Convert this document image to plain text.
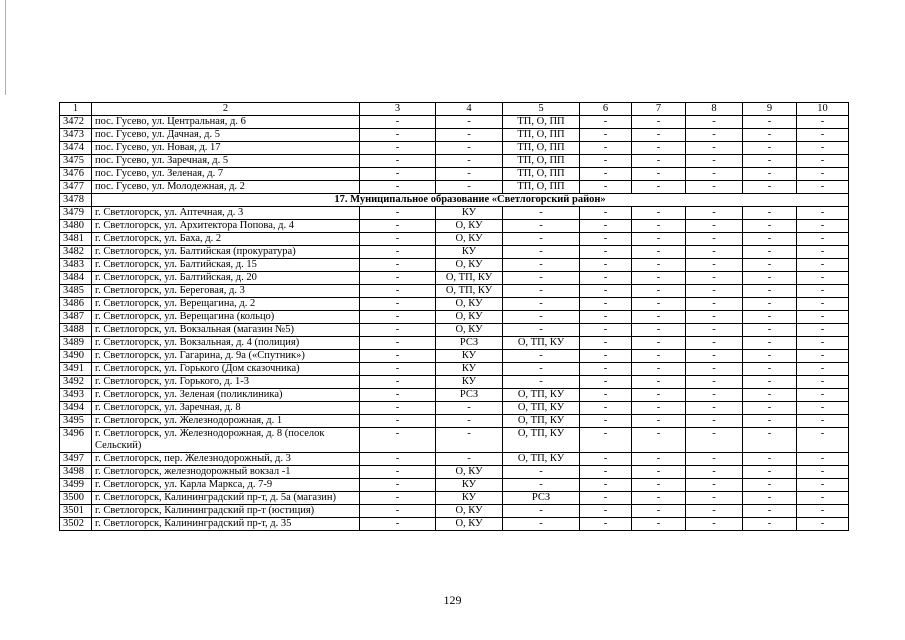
1	2	3	4	5	6	7	8	9	10
3472	пос. Гусево, ул. Центральная, д. 6	-	-	ТП, О, ПП	-	-	-	-	-
3473	пос. Гусево, ул. Дачная, д. 5	-	-	ТП, О, ПП	-	-	-	-	-
3474	пос. Гусево, ул. Новая, д. 17	-	-	ТП, О, ПП	-	-	-	-	-
3475	пос. Гусево, ул. Заречная, д. 5	-	-	ТП, О, ПП	-	-	-	-	-
3476	пос. Гусево, ул. Зеленая, д. 7	-	-	ТП, О, ПП	-	-	-	-	-
3477	пос. Гусево, ул. Молодежная, д. 2	-	-	ТП, О, ПП	-	-	-	-	-
3478	17. Муниципальное образование «Светлогорский район»								
3479	г. Светлогорск, ул. Аптечная, д. 3	-	КУ	-	-	-	-	-	-
3480	г. Светлогорск, ул. Архитектора Попова, д. 4	-	О, КУ	-	-	-	-	-	-
3481	г. Светлогорск, ул. Баха, д. 2	-	О, КУ	-	-	-	-	-	-
3482	г. Светлогорск, ул. Балтийская (прокуратура)	-	КУ	-	-	-	-	-	-
3483	г. Светлогорск, ул. Балтийская, д. 15	-	О, КУ	-	-	-	-	-	-
3484	г. Светлогорск, ул. Балтийская, д. 20	-	О, ТП, КУ	-	-	-	-	-	-
3485	г. Светлогорск, ул. Береговая, д. 3	-	О, ТП, КУ	-	-	-	-	-	-
3486	г. Светлогорск, ул. Верещагина, д. 2	-	О, КУ	-	-	-	-	-	-
3487	г. Светлогорск, ул. Верещагина (кольцо)	-	О, КУ	-	-	-	-	-	-
3488	г. Светлогорск, ул. Вокзальная (магазин №5)	-	О, КУ	-	-	-	-	-	-
3489	г. Светлогорск, ул. Вокзальная, д. 4 (полиция)	-	РСЗ	О, ТП, КУ	-	-	-	-	-
3490	г. Светлогорск, ул. Гагарина, д. 9а («Спутник»)	-	КУ	-	-	-	-	-	-
3491	г. Светлогорск, ул. Горького (Дом сказочника)	-	КУ	-	-	-	-	-	-
3492	г. Светлогорск, ул. Горького, д. 1-3	-	КУ	-	-	-	-	-	-
3493	г. Светлогорск, ул. Зеленая (поликлиника)	-	РСЗ	О, ТП, КУ	-	-	-	-	-
3494	г. Светлогорск, ул. Заречная, д. 8	-	-	О, ТП, КУ	-	-	-	-	-
3495	г. Светлогорск, ул. Железнодорожная, д. 1	-	-	О, ТП, КУ	-	-	-	-	-
3496	г. Светлогорск, ул. Железнодорожная, д. 8 (поселок Сельский)	-	-	О, ТП, КУ	-	-	-	-	-
3497	г. Светлогорск, пер. Железнодорожный, д. 3	-	-	О, ТП, КУ	-	-	-	-	-
3498	г. Светлогорск, железнодорожный вокзал -1	-	О, КУ	-	-	-	-	-	-
3499	г. Светлогорск, ул. Карла Маркса, д. 7-9	-	КУ	-	-	-	-	-	-
3500	г. Светлогорск, Калининградский пр-т, д. 5а (магазин)	-	КУ	РСЗ	-	-	-	-	-
3501	г. Светлогорск, Калининградский пр-т (юстиция)	-	О, КУ	-	-	-	-	-	-
3502	г. Светлогорск, Калининградский пр-т, д. 35	-	О, КУ	-	-	-	-	-	-
129
